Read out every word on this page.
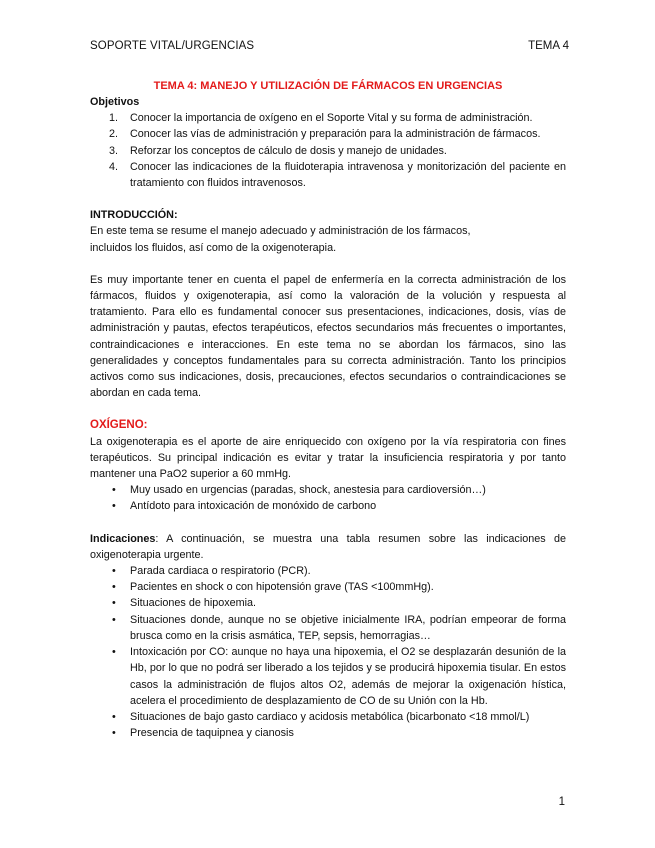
SOPORTE VITAL/URGENCIAS	TEMA 4

TEMA 4: MANEJO Y UTILIZACIÓN DE FÁRMACOS EN URGENCIAS

Objetivos

1. Conocer la importancia de oxígeno en el Soporte Vital y su forma de administración.
2. Conocer las vías de administración y preparación para la administración de fármacos.
3. Reforzar los conceptos de cálculo de dosis y manejo de unidades.
4. Conocer las indicaciones de la fluidoterapia intravenosa y monitorización del paciente en tratamiento con fluidos intravenosos.

INTRODUCCIÓN:

En este tema se resume el manejo adecuado y administración de los fármacos, incluidos los fluidos, así como de la oxigenoterapia.

Es muy importante tener en cuenta el papel de enfermería en la correcta administración de los fármacos, fluidos y oxigenoterapia, así como la valoración de la volución y respuesta al tratamiento. Para ello es fundamental conocer sus presentaciones, indicaciones, dosis, vías de administración y pautas, efectos terapéuticos, efectos secundarios más frecuentes o importantes, contraindicaciones e interacciones. En este tema no se abordan los fármacos, sino las generalidades y conceptos fundamentales para su correcta administración. Tanto los principios activos como sus indicaciones, dosis, precauciones, efectos secundarios o contraindicaciones se abordan en cada tema.

OXÍGENO:

La oxigenoterapia es el aporte de aire enriquecido con oxígeno por la vía respiratoria con fines terapéuticos. Su principal indicación es evitar y tratar la insuficiencia respiratoria y por tanto mantener una PaO2 superior a 60 mmHg.

• Muy usado en urgencias (paradas, shock, anestesia para cardioversión…)
• Antídoto para intoxicación de monóxido de carbono

Indicaciones: A continuación, se muestra una tabla resumen sobre las indicaciones de oxigenoterapia urgente.

• Parada cardiaca o respiratorio (PCR).
• Pacientes en shock o con hipotensión grave (TAS <100mmHg).
• Situaciones de hipoxemia.
• Situaciones donde, aunque no se objetive inicialmente IRA, podrían empeorar de forma brusca como en la crisis asmática, TEP, sepsis, hemorragias…
• Intoxicación por CO: aunque no haya una hipoxemia, el O2 se desplazarán desunión de la Hb, por lo que no podrá ser liberado a los tejidos y se producirá hipoxemia tisular. En estos casos la administración de flujos altos O2, además de mejorar la oxigenación hística, acelera el procedimiento de desplazamiento de CO de su Unión con la Hb.
• Situaciones de bajo gasto cardiaco y acidosis metabólica (bicarbonato <18 mmol/L)
• Presencia de taquipnea y cianosis
1
